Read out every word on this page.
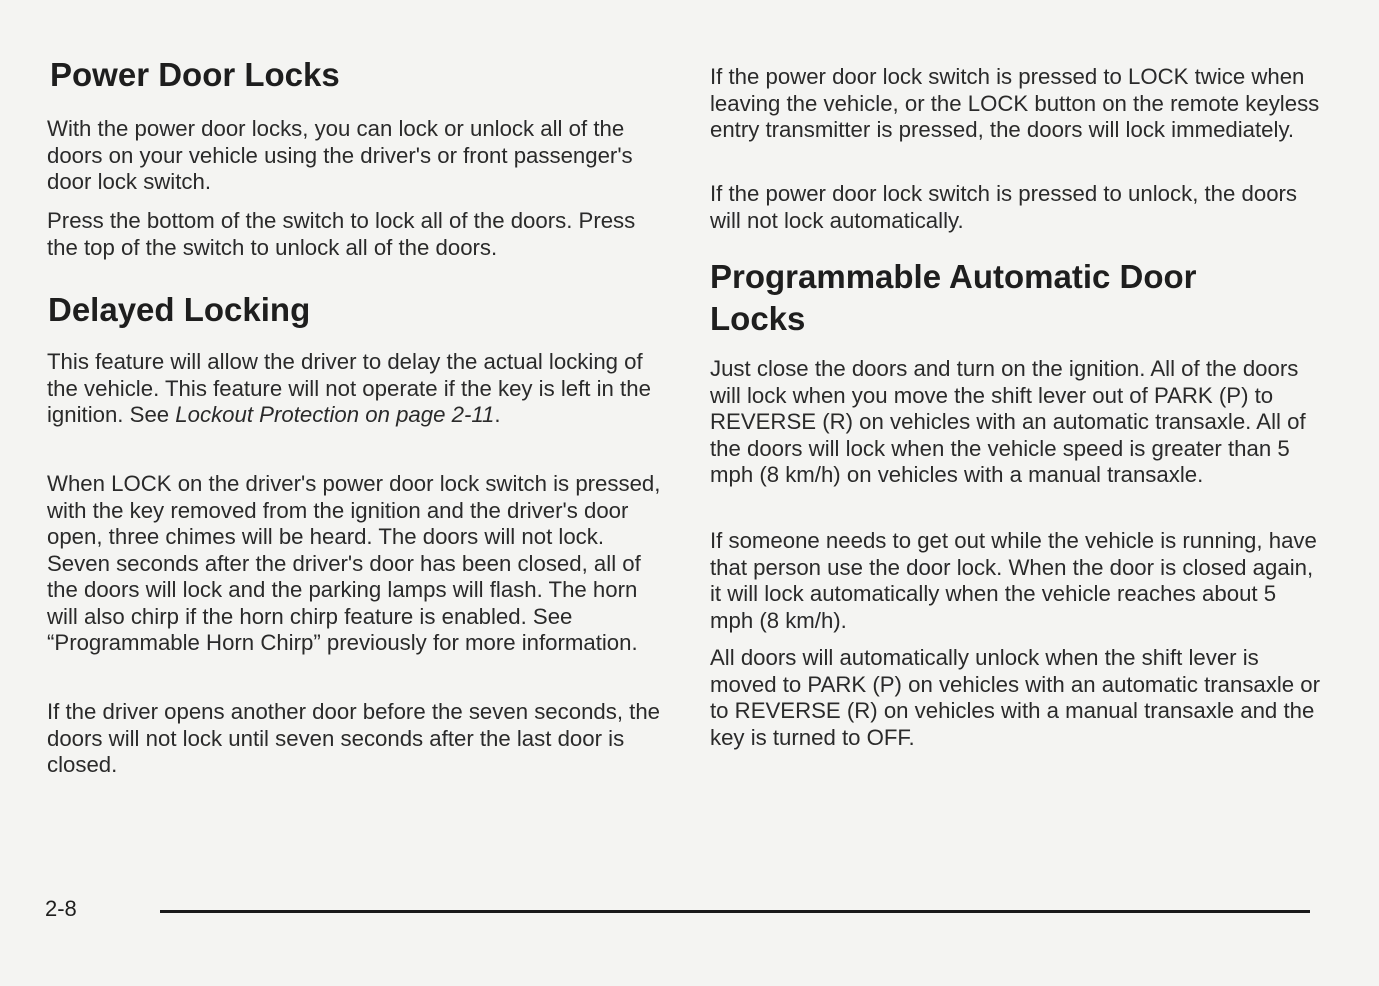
Power Door Locks

With the power door locks, you can lock or unlock all of the doors on your vehicle using the driver's or front passenger's door lock switch.

Press the bottom of the switch to lock all of the doors. Press the top of the switch to unlock all of the doors.

Delayed Locking

This feature will allow the driver to delay the actual locking of the vehicle. This feature will not operate if the key is left in the ignition. See Lockout Protection on page 2-11.

When LOCK on the driver's power door lock switch is pressed, with the key removed from the ignition and the driver's door open, three chimes will be heard. The doors will not lock. Seven seconds after the driver's door has been closed, all of the doors will lock and the parking lamps will flash. The horn will also chirp if the horn chirp feature is enabled. See “Programmable Horn Chirp” previously for more information.

If the driver opens another door before the seven seconds, the doors will not lock until seven seconds after the last door is closed.

If the power door lock switch is pressed to LOCK twice when leaving the vehicle, or the LOCK button on the remote keyless entry transmitter is pressed, the doors will lock immediately.

If the power door lock switch is pressed to unlock, the doors will not lock automatically.

Programmable Automatic Door Locks

Just close the doors and turn on the ignition. All of the doors will lock when you move the shift lever out of PARK (P) to REVERSE (R) on vehicles with an automatic transaxle. All of the doors will lock when the vehicle speed is greater than 5 mph (8 km/h) on vehicles with a manual transaxle.

If someone needs to get out while the vehicle is running, have that person use the door lock. When the door is closed again, it will lock automatically when the vehicle reaches about 5 mph (8 km/h).

All doors will automatically unlock when the shift lever is moved to PARK (P) on vehicles with an automatic transaxle or to REVERSE (R) on vehicles with a manual transaxle and the key is turned to OFF.

2-8
